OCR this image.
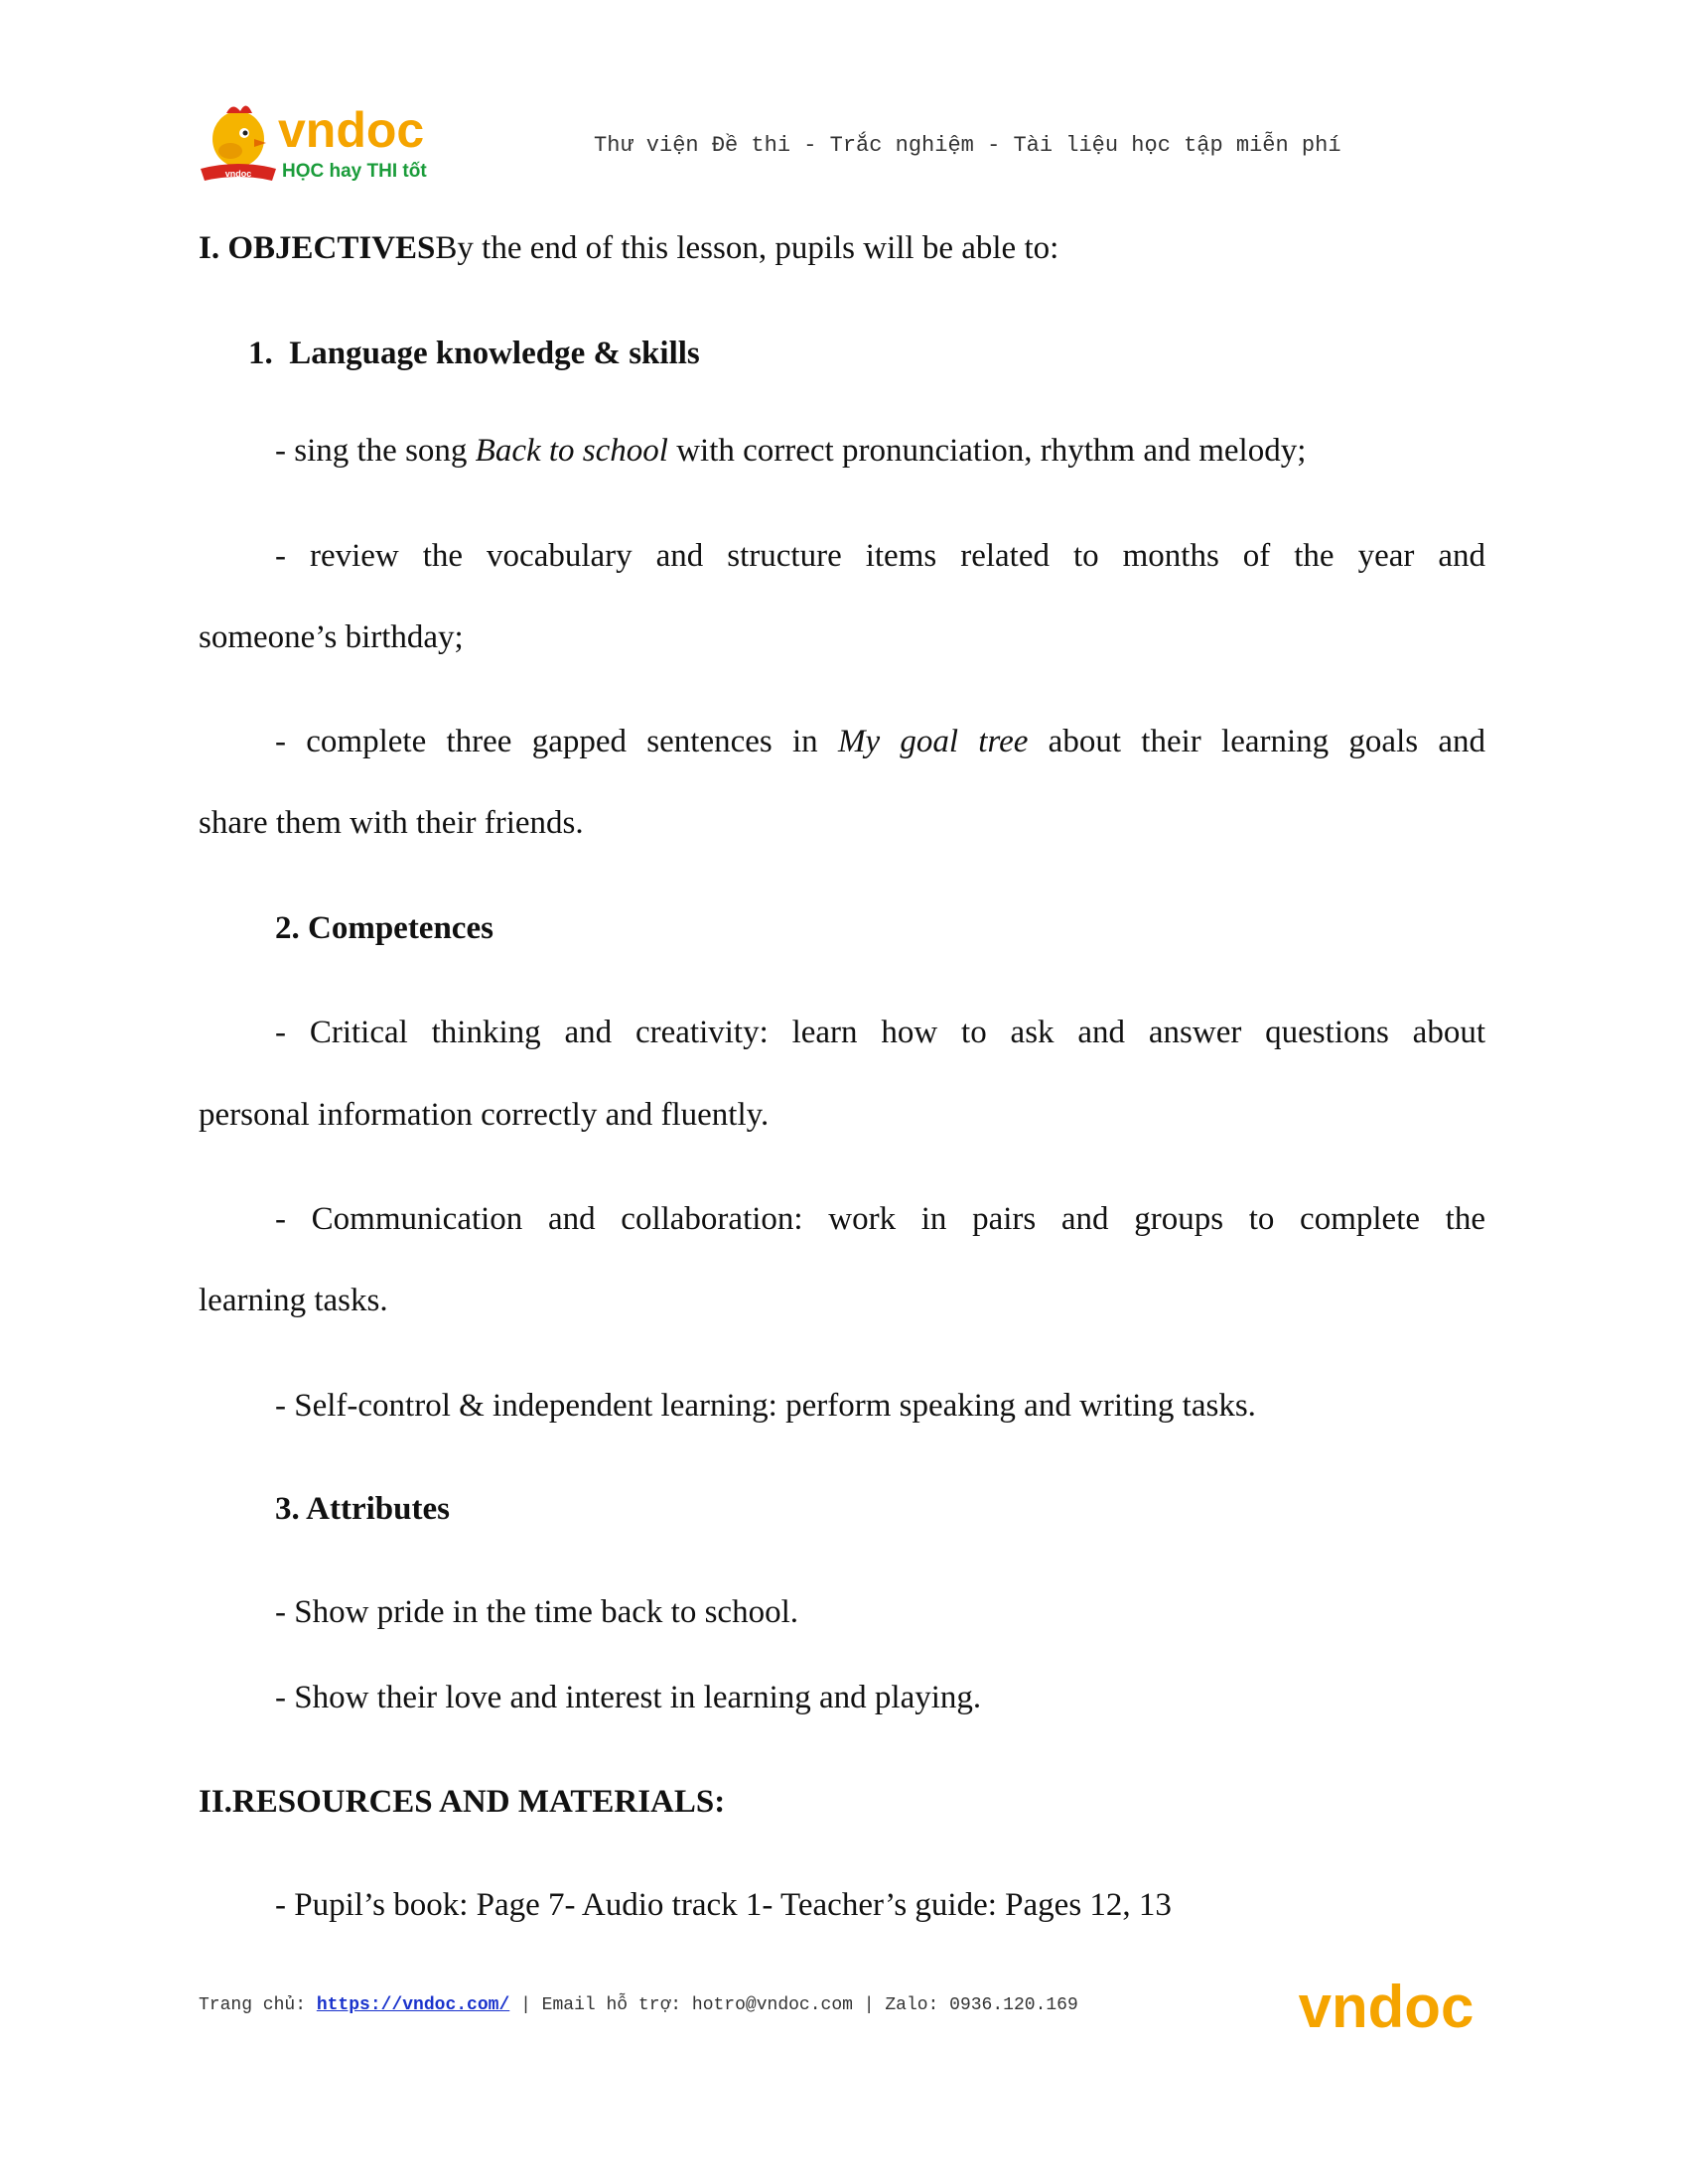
vndoc
vndoc
HỌC hay THI tốt
Thư viện Đề thi - Trắc nghiệm - Tài liệu học tập miễn phí
I. OBJECTIVESBy the end of this lesson, pupils will be able to:
1. Language knowledge & skills
- sing the song Back to school with correct pronunciation, rhythm and melody;
- review the vocabulary and structure items related to months of the year and
someone’s birthday;
- complete three gapped sentences in My goal tree about their learning goals and
share them with their friends.
2. Competences
- Critical thinking and creativity: learn how to ask and answer questions about
personal information correctly and fluently.
- Communication and collaboration: work in pairs and groups to complete the
learning tasks.
- Self-control & independent learning: perform speaking and writing tasks.
3. Attributes
- Show pride in the time back to school.
- Show their love and interest in learning and playing.
II.RESOURCES AND MATERIALS:
- Pupil’s book: Page 7- Audio track 1- Teacher’s guide: Pages 12, 13
Trang chủ: https://vndoc.com/ | Email hỗ trợ: hotro@vndoc.com | Zalo: 0936.120.169	vndoc
